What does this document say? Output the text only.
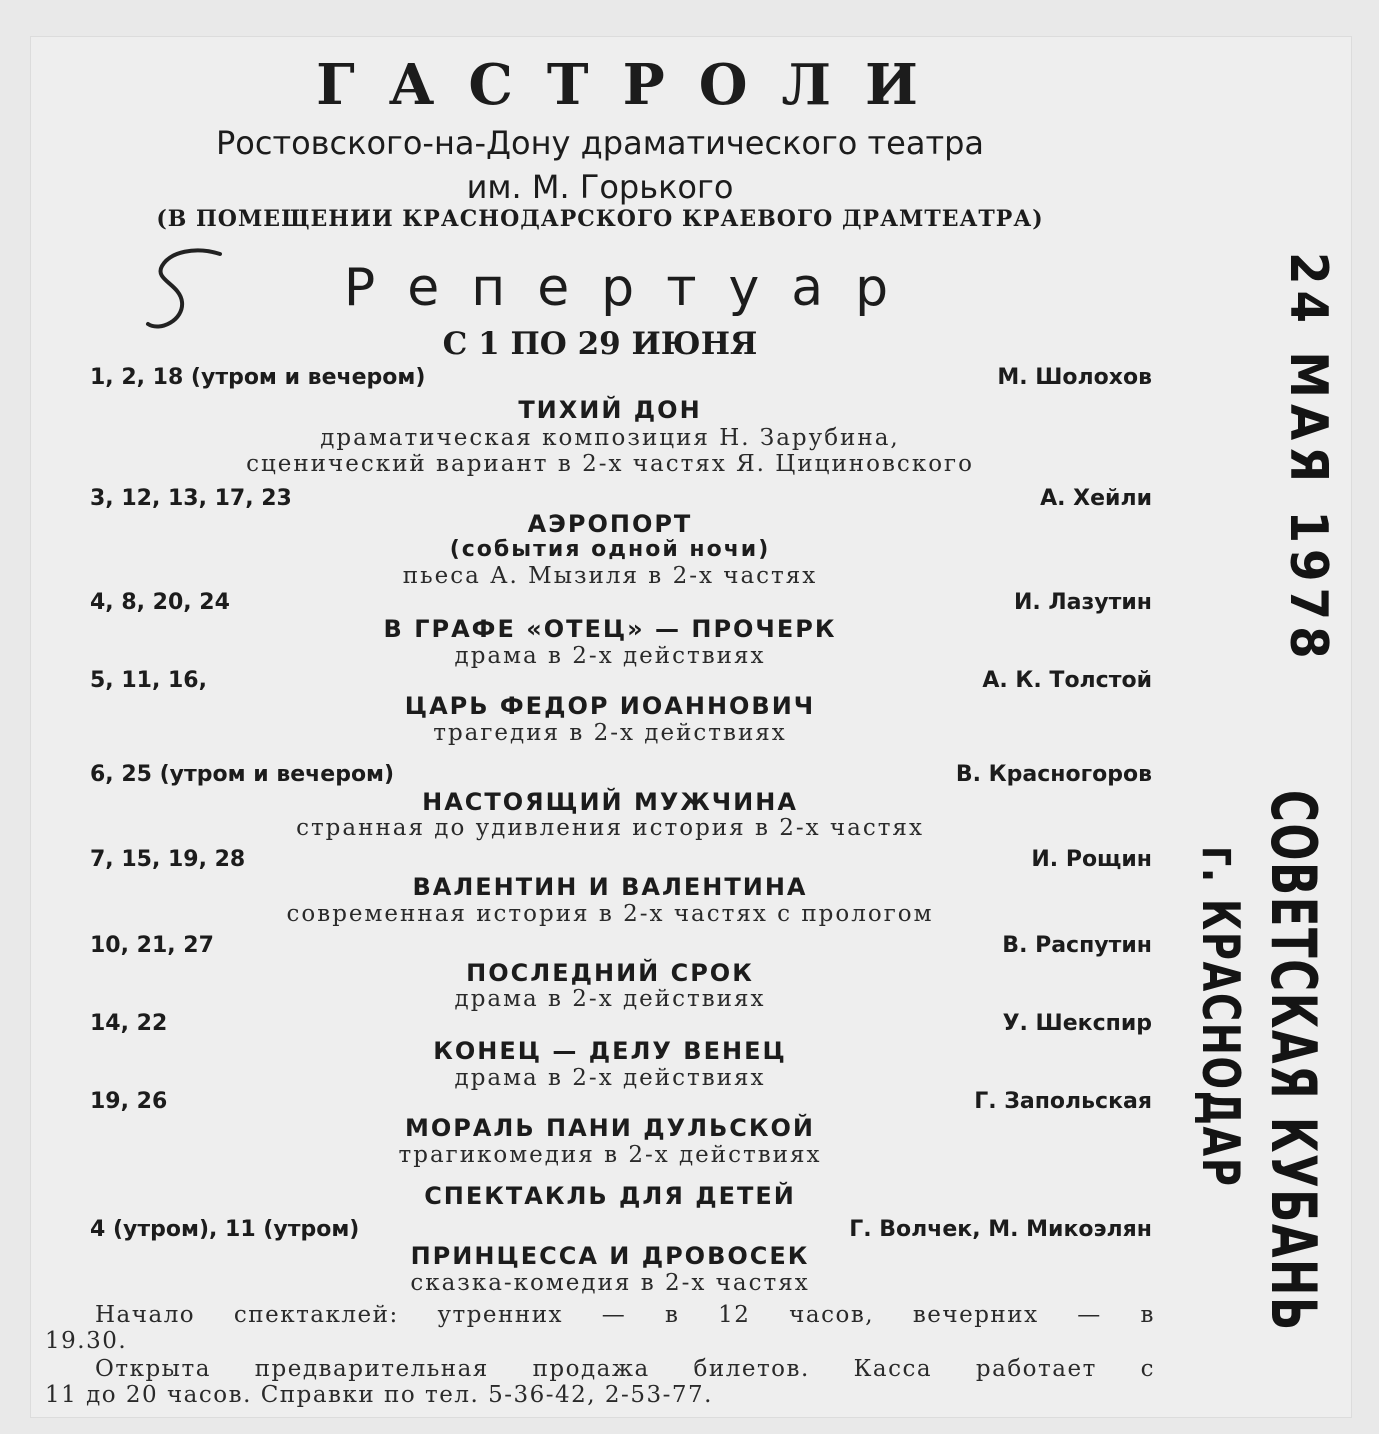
ГАСТРОЛИ
Ростовского-на-Дону драматического театра
им. М. Горького
(В ПОМЕЩЕНИИ КРАСНОДАРСКОГО КРАЕВОГО ДРАМТЕАТРА)
Репертуар
С 1 ПО 29 ИЮНЯ
1, 2, 18 (утром и вечером)	М. Шолохов
ТИХИЙ ДОН
драматическая композиция Н. Зарубина,
сценический вариант в 2-х частях Я. Цициновского
3, 12, 13, 17, 23	А. Хейли
АЭРОПОРТ
(события одной ночи)
пьеса А. Мызиля в 2-х частях
4, 8, 20, 24	И. Лазутин
В ГРАФЕ «ОТЕЦ» — ПРОЧЕРК
драма в 2-х действиях
5, 11, 16,	А. К. Толстой
ЦАРЬ ФЕДОР ИОАННОВИЧ
трагедия в 2-х действиях
6, 25 (утром и вечером)	В. Красногоров
НАСТОЯЩИЙ МУЖЧИНА
странная до удивления история в 2-х частях
7, 15, 19, 28	И. Рощин
ВАЛЕНТИН И ВАЛЕНТИНА
современная история в 2-х частях с прологом
10, 21, 27	В. Распутин
ПОСЛЕДНИЙ СРОК
драма в 2-х действиях
14, 22	У. Шекспир
КОНЕЦ — ДЕЛУ ВЕНЕЦ
драма в 2-х действиях
19, 26	Г. Запольская
МОРАЛЬ ПАНИ ДУЛЬСКОЙ
трагикомедия в 2-х действиях
СПЕКТАКЛЬ ДЛЯ ДЕТЕЙ
4 (утром), 11 (утром)	Г. Волчек, М. Микоэлян
ПРИНЦЕССА И ДРОВОСЕК
сказка-комедия в 2-х частях
Начало спектаклей: утренних — в 12 часов, вечерних — в
19.30.
Открыта предварительная продажа билетов. Касса работает с
11 до 20 часов. Справки по тел. 5-36-42, 2-53-77.
24 МАЯ 1978
СОВЕТСКАЯ КУБАНЬ
г. КРАСНОДАР
